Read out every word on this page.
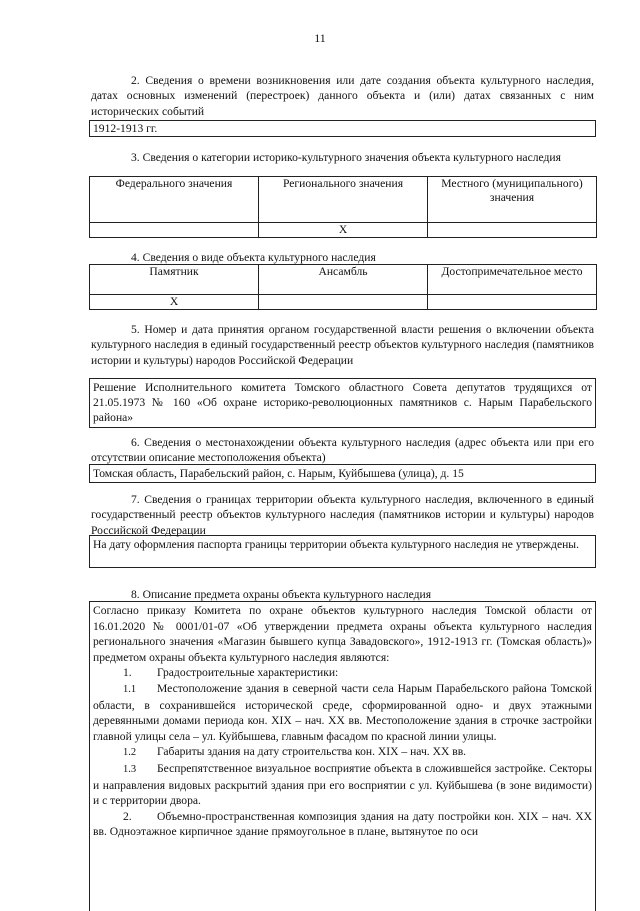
11
2. Сведения о времени возникновения или дате создания объекта культурного наследия, датах основных изменений (перестроек) данного объекта и (или) датах связанных с ним исторических событий
1912-1913 гг.
3. Сведения о категории историко-культурного значения объекта культурного наследия
Федерального значения	Регионального значения	Местного (муниципального) значения
	X	
4. Сведения о виде объекта культурного наследия
Памятник	Ансамбль	Достопримечательное место
X		
5. Номер и дата принятия органом государственной власти решения о включении объекта культурного наследия в единый государственный реестр объектов культурного наследия (памятников истории и культуры) народов Российской Федерации
Решение Исполнительного комитета Томского областного Совета депутатов трудящихся от 21.05.1973 № 160 «Об охране историко-революционных памятников с. Нарым Парабельского района»
6. Сведения о местонахождении объекта культурного наследия (адрес объекта или при его отсутствии описание местоположения объекта)
Томская область, Парабельский район, с. Нарым, Куйбышева (улица), д. 15
7. Сведения о границах территории объекта культурного наследия, включенного в единый государственный реестр объектов культурного наследия (памятников истории и культуры) народов Российской Федерации
На дату оформления паспорта границы территории объекта культурного наследия не утверждены.
8. Описание предмета охраны объекта культурного наследия
Согласно приказу Комитета по охране объектов культурного наследия Томской области от 16.01.2020 № 0001/01-07 «Об утверждении предмета охраны объекта культурного наследия регионального значения «Магазин бывшего купца Завадовского», 1912-1913 гг. (Томская область)» предметом охраны объекта культурного наследия являются:
1. Градостроительные характеристики:
1.1 Местоположение здания в северной части села Нарым Парабельского района Томской области, в сохранившейся исторической среде, сформированной одно- и двух этажными деревянными домами периода кон. XIX – нач. XX вв. Местоположение здания в строчке застройки главной улицы села – ул. Куйбышева, главным фасадом по красной линии улицы.
1.2 Габариты здания на дату строительства кон. XIX – нач. XX вв.
1.3 Беспрепятственное визуальное восприятие объекта в сложившейся застройке. Секторы и направления видовых раскрытий здания при его восприятии с ул. Куйбышева (в зоне видимости) и с территории двора.
2. Объемно-пространственная композиция здания на дату постройки кон. XIX – нач. XX вв. Одноэтажное кирпичное здание прямоугольное в плане, вытянутое по оси
